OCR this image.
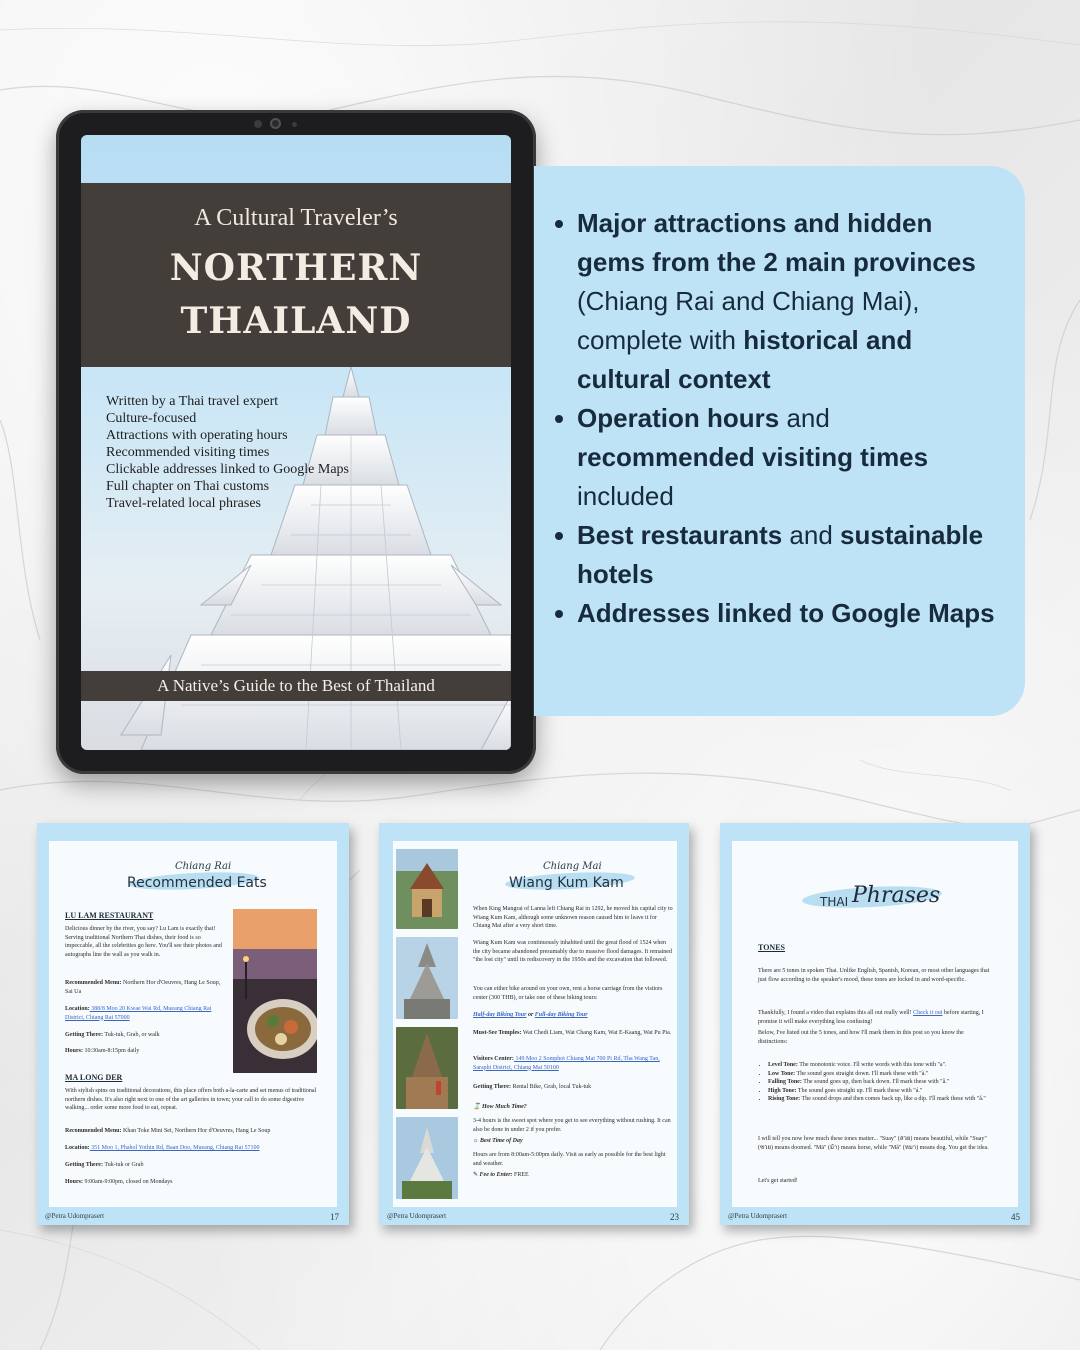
A Cultural Traveler’s
NORTHERN
THAILAND
Written by a Thai travel expert
Culture-focused
Attractions with operating hours
Recommended visiting times
Clickable addresses linked to Google Maps
Full chapter on Thai customs
Travel-related local phrases
A Native’s Guide to the Best of Thailand
Major attractions and hidden gems from the 2 main provinces (Chiang Rai and Chiang Mai), complete with historical and cultural context
Operation hours and recommended visiting times included
Best restaurants and sustainable hotels
Addresses linked to Google Maps
Chiang Rai
Recommended Eats
LU LAM RESTAURANT
Delicious dinner by the river, you say? Lu Lam is exactly that! Serving traditional Northern Thai dishes, their food is so impeccable, all the celebrities go here. You'll see their photos and autographs line the wall as you walk in.
Recommended Menu: Northern Hor d'Oeuvres, Hang Le Soup, Sai Ua
Location: 388/8 Moo 20 Kwae Wai Rd, Mueang Chiang Rai District, Chiang Rai 57000
Getting There: Tuk-tuk, Grab, or walk
Hours: 10:30am-8:15pm daily
MA LONG DER
With stylish spins on traditional decorations, this place offers both a-la-carte and set menus of traditional northern dishes. It's also right next to one of the art galleries in town; your call to do some digestive walking... order some more food to eat, repeat.
Recommended Menu: Khan Toke Mini Set, Northern Hor d'Oeuvres, Hang Le Soup
Location: 351 Moo 1, Phahol Yothin Rd, Baan Doo, Mueang, Chiang Rai 57100
Getting There: Tuk-tuk or Grab
Hours: 9:00am-9:00pm, closed on Mondays
@Petra Udomprasert	17
Chiang Mai
Wiang Kum Kam
When King Mangrai of Lanna left Chiang Rai in 1292, he moved his capital city to Wiang Kum Kam, although some unknown reason caused him to leave it for Chiang Mai after a very short time.
Wiang Kum Kam was continuously inhabited until the great flood of 1524 when the city became abandoned presumably due to massive flood damages. It remained "the lost city" until its rediscovery in the 1950s and the excavation that followed.
You can either bike around on your own, rent a horse carriage from the visitors center (300 THB), or take one of these biking tours:
Half-day Biking Tour or Full-day Biking Tour
Must-See Temples: Wat Chedi Liam, Wat Chang Kam, Wat E-Kaang, Wat Pu Pia.
Visitors Center: 149 Moo 2 Somphot Chiang Mai 700 Pi Rd, Tha Wang Tan, Saraphi District, Chiang Mai 50100
Getting There: Rental Bike, Grab, local Tuk-tuk
⌛ How Much Time?
3-4 hours is the sweet spot where you get to see everything without rushing. It can also be done in under 2 if you prefer.
☼ Best Time of Day
Hours are from 8:00am-5:00pm daily. Visit as early as possible for the best light and weather.
✎ Fee to Enter: FREE
@Petra Udomprasert	23
THAI Phrases
TONES
There are 5 tones in spoken Thai. Unlike English, Spanish, Korean, or most other languages that just flow according to the speaker's mood, these tones are locked in and word-specific.
Thankfully, I found a video that explains this all out really well! Check it out before starting, I promise it will make everything less confusing!
Below, I've listed out the 5 tones, and how I'll mark them in this post so you know the distinctions:
• Level Tone: The monotonic voice. I'll write words with this tone with "a".
• Low Tone: The sound goes straight down. I'll mark these with "à."
• Falling Tone: The sound goes up, then back down. I'll mark these with "â."
• High Tone: The sound goes straight up. I'll mark these with "á."
• Rising Tone: The sound drops and then comes back up, like a dip. I'll mark these with "ǎ."
I will tell you now how much these tones matter... "Suay" (สวย) means beautiful, while "Suay" (ซวย) means doomed. "Mā" (ม้า) means horse, while "Mǎ" (หมา) means dog. You get the idea.
Let's get started!
@Petra Udomprasert	45
